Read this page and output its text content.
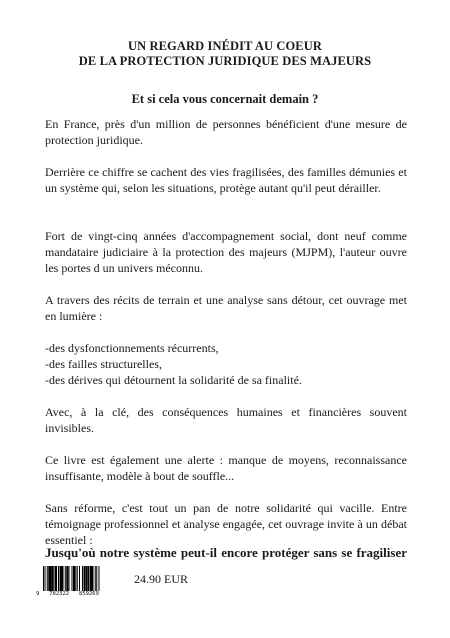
UN REGARD INÉDIT AU COEUR
DE LA PROTECTION JURIDIQUE DES MAJEURS
Et si cela vous concernait demain ?

En France, près d'un million de personnes bénéficient d'une mesure de protection juridique.

Derrière ce chiffre se cachent des vies fragilisées, des familles démunies et un système qui, selon les situations, protège autant qu'il peut dérailler.

Fort de vingt-cinq années d'accompagnement social, dont neuf comme mandataire judiciaire à la protection des majeurs (MJPM), l'auteur ouvre les portes d un univers méconnu.

A travers des récits de terrain et une analyse sans détour, cet ouvrage met en lumière :

-des dysfonctionnements récurrents,
-des failles structurelles,
-des dérives qui détournent la solidarité de sa finalité.

Avec, à la clé, des conséquences humaines et financières souvent invisibles.

Ce livre est également une alerte : manque de moyens, reconnaissance insuffisante, modèle à bout de souffle...

Sans réforme, c'est tout un pan de notre solidarité qui vacille. Entre témoignage professionnel et analyse engagée, cet ouvrage invite à un débat essentiel :

Jusqu'où notre système peut-il encore protéger sans se fragiliser

9   782322   859269
24.90 EUR
